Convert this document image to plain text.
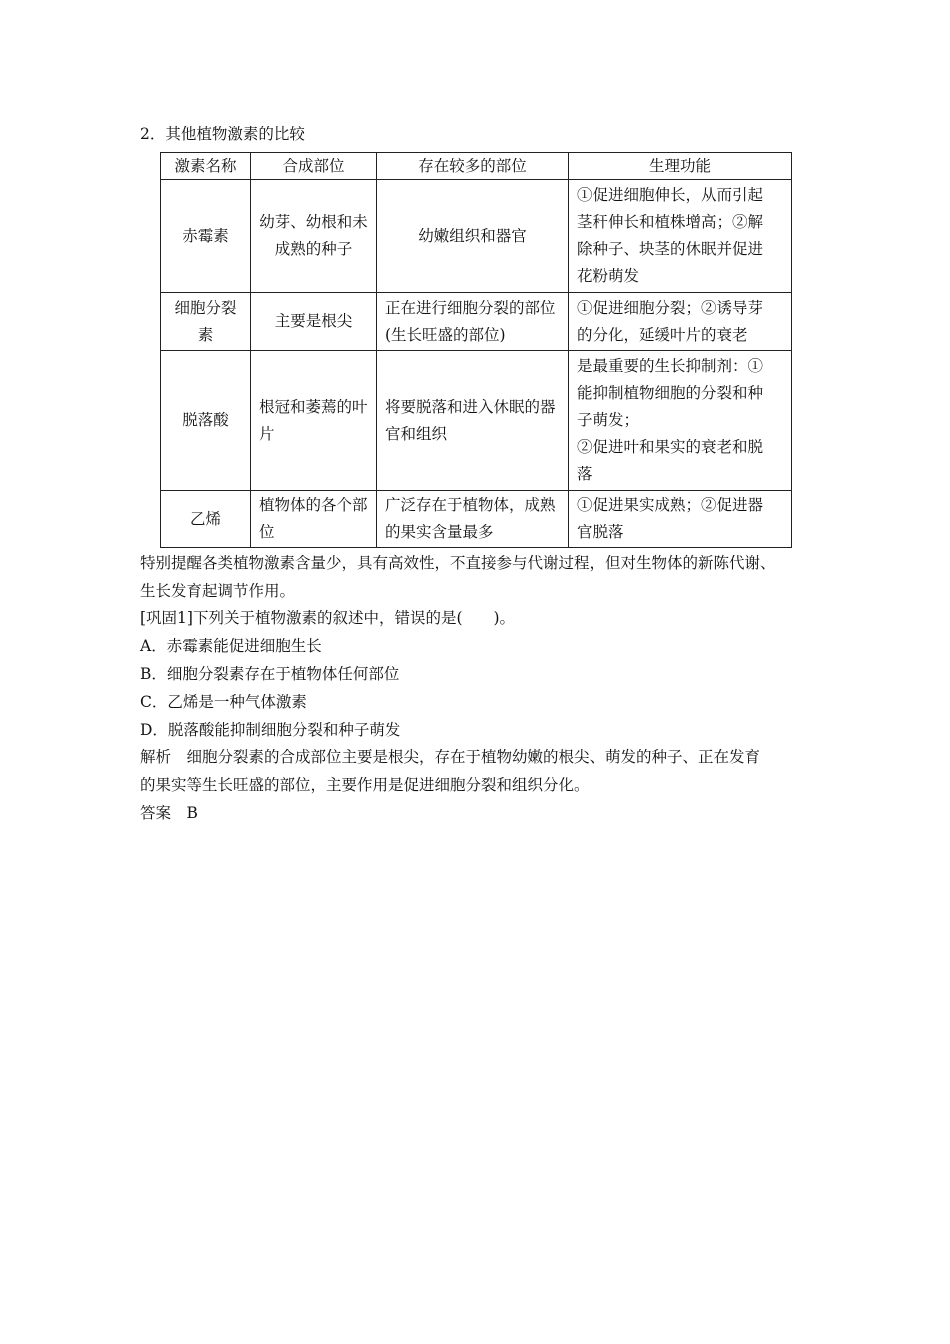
2．其他植物激素的比较
激素名称	合成部位	存在较多的部位	生理功能
赤霉素	幼芽、幼根和未成熟的种子	幼嫩组织和器官	①促进细胞伸长，从而引起
茎秆伸长和植株增高；②解
除种子、块茎的休眠并促进
花粉萌发

细胞分裂素	主要是根尖	正在进行细胞分裂的部位(生长旺盛的部位)	①促进细胞分裂；②诱导芽
的分化，延缓叶片的衰老

脱落酸	根冠和萎蔫的叶片	将要脱落和进入休眠的器官和组织	是最重要的生长抑制剂：①
能抑制植物细胞的分裂和种
子萌发；
②促进叶和果实的衰老和脱
落

乙烯	植物体的各个部位	广泛存在于植物体，成熟的果实含量最多	①促进果实成熟；②促进器
官脱落
特别提醒各类植物激素含量少，具有高效性，不直接参与代谢过程，但对生物体的新陈代谢、
生长发育起调节作用。
[巩固1]下列关于植物激素的叙述中，错误的是(　　)。
A．赤霉素能促进细胞生长
B．细胞分裂素存在于植物体任何部位
C．乙烯是一种气体激素
D．脱落酸能抑制细胞分裂和种子萌发
解析　细胞分裂素的合成部位主要是根尖，存在于植物幼嫩的根尖、萌发的种子、正在发育
的果实等生长旺盛的部位，主要作用是促进细胞分裂和组织分化。
答案　B
